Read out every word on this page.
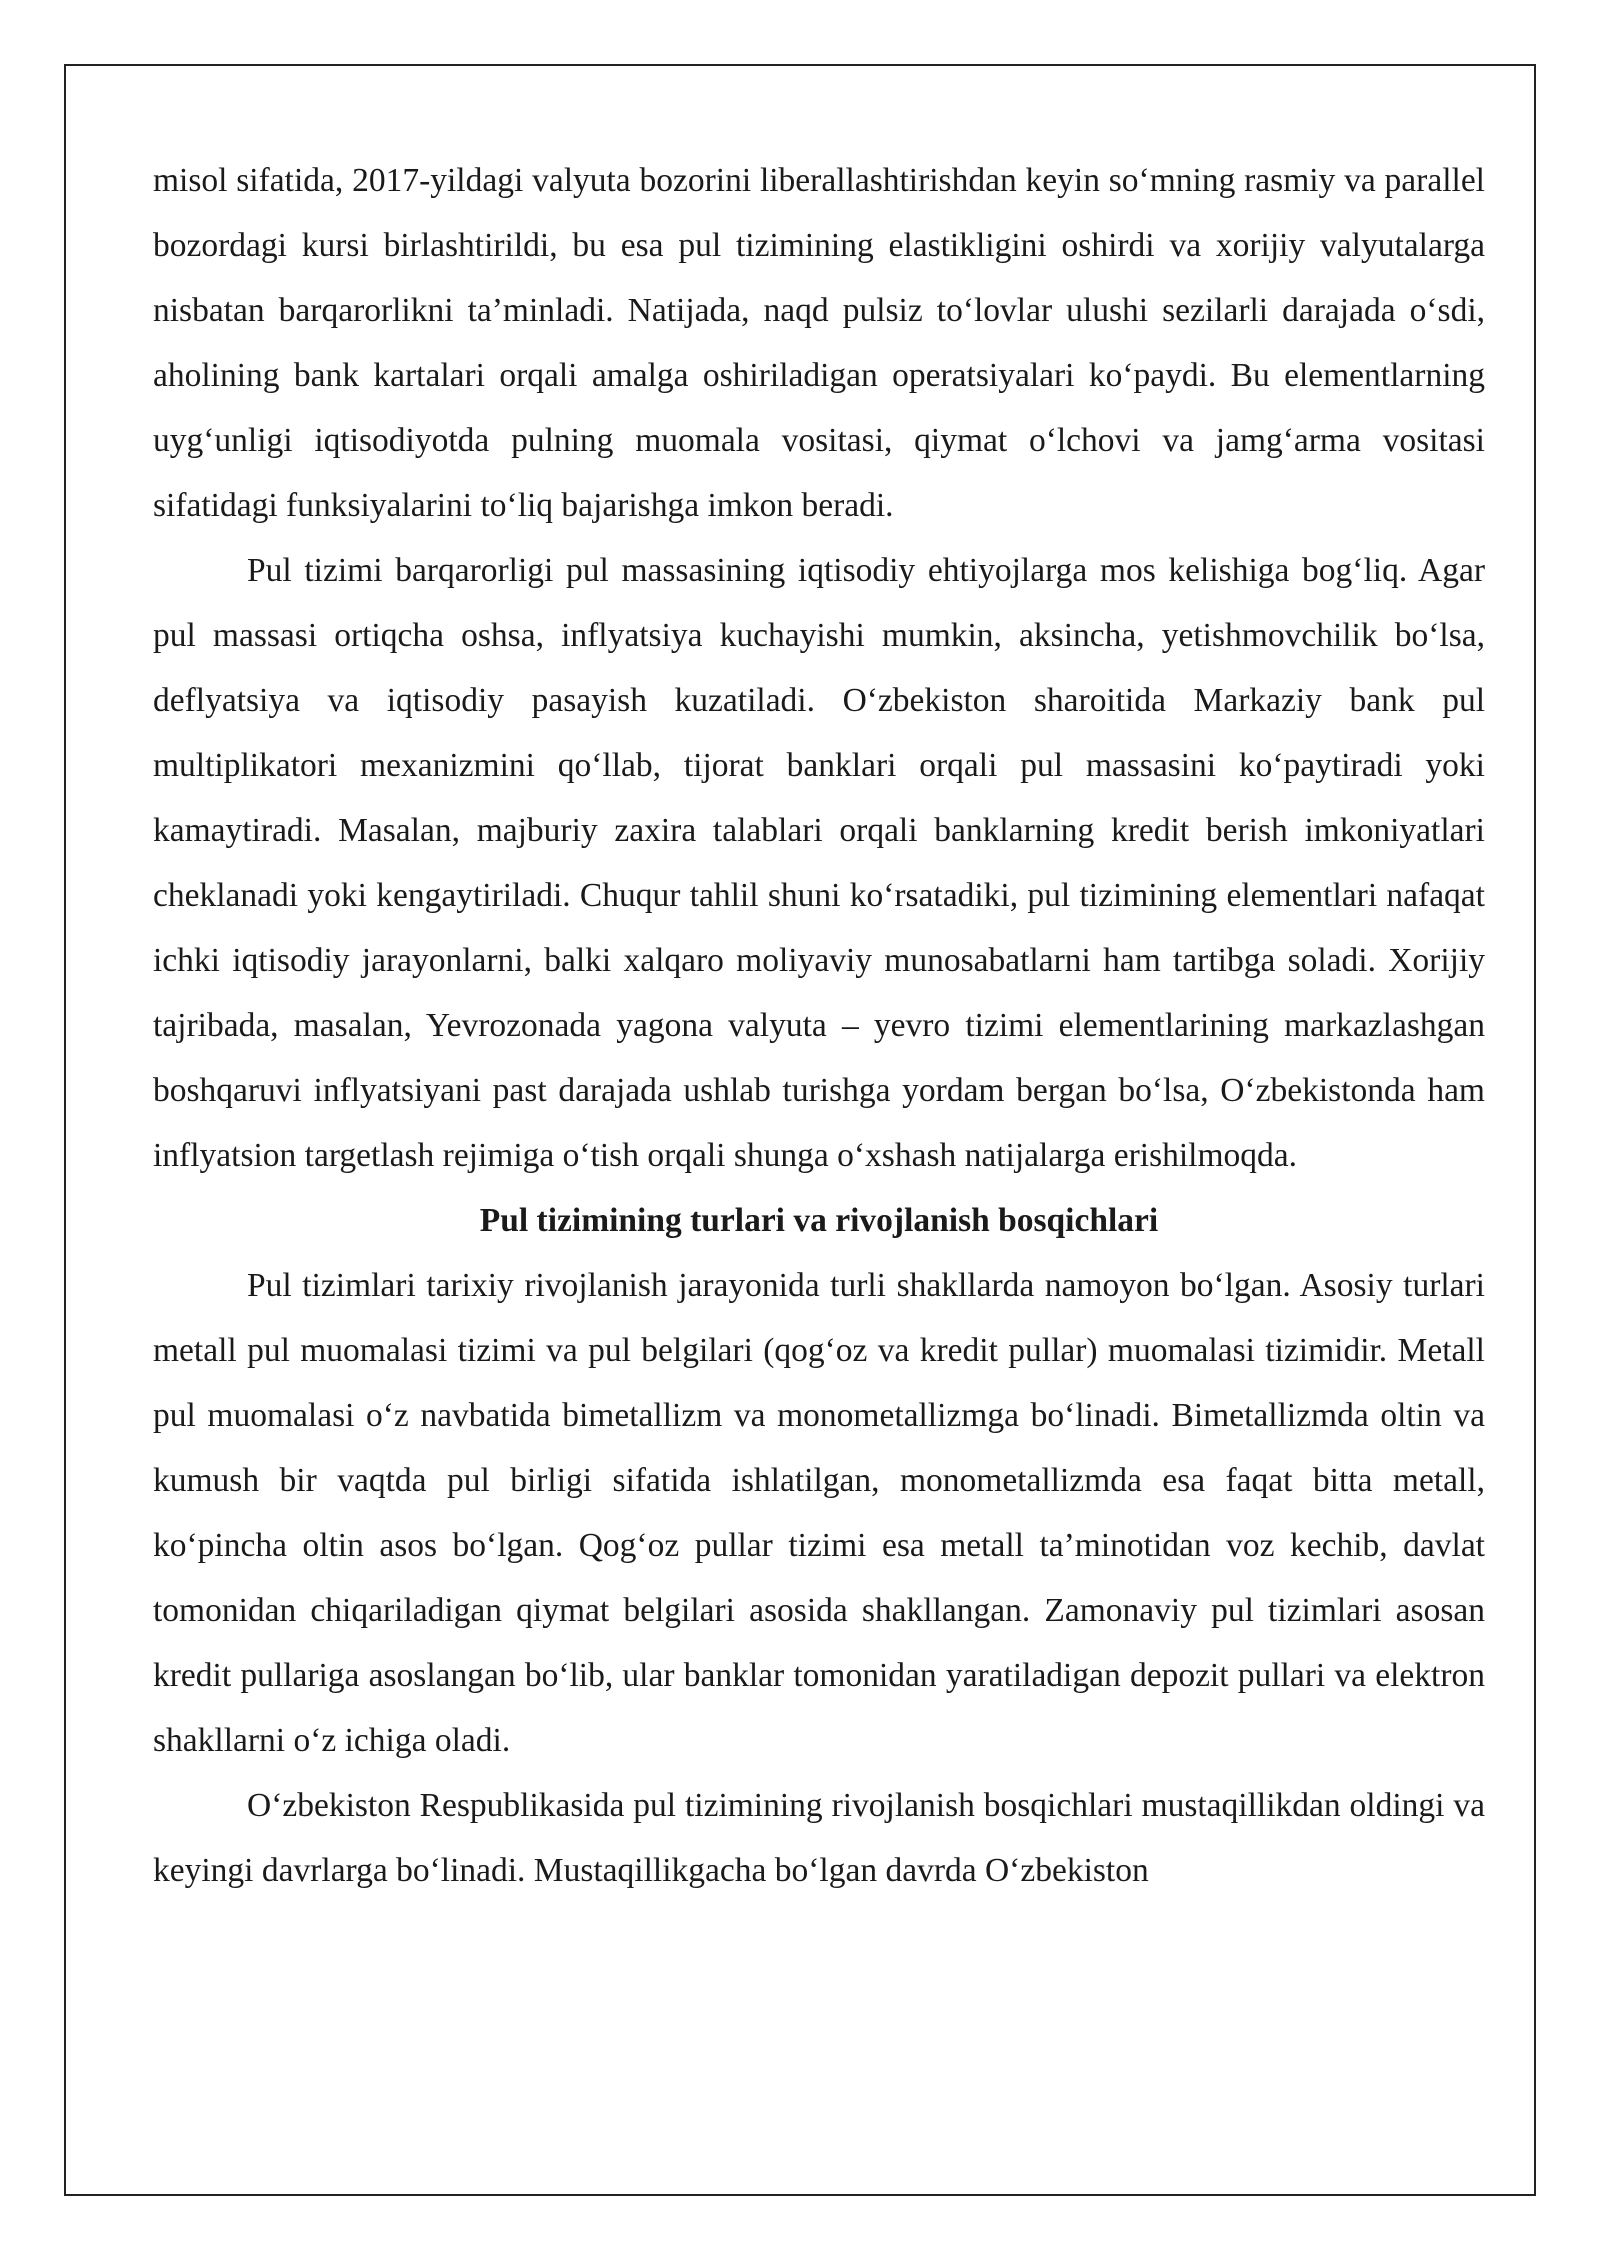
misol sifatida, 2017-yildagi valyuta bozorini liberallashtirishdan keyin so‘mning rasmiy va parallel bozordagi kursi birlashtirildi, bu esa pul tizimining elastikligini oshirdi va xorijiy valyutalarga nisbatan barqarorlikni ta’minladi. Natijada, naqd pulsiz to‘lovlar ulushi sezilarli darajada o‘sdi, aholining bank kartalari orqali amalga oshiriladigan operatsiyalari ko‘paydi. Bu elementlarning uyg‘unligi iqtisodiyotda pulning muomala vositasi, qiymat o‘lchovi va jamg‘arma vositasi sifatidagi funksiyalarini to‘liq bajarishga imkon beradi.

Pul tizimi barqarorligi pul massasining iqtisodiy ehtiyojlarga mos kelishiga bog‘liq. Agar pul massasi ortiqcha oshsa, inflyatsiya kuchayishi mumkin, aksincha, yetishmovchilik bo‘lsa, deflyatsiya va iqtisodiy pasayish kuzatiladi. O‘zbekiston sharoitida Markaziy bank pul multiplikatori mexanizmini qo‘llab, tijorat banklari orqali pul massasini ko‘paytiradi yoki kamaytiradi. Masalan, majburiy zaxira talablari orqali banklarning kredit berish imkoniyatlari cheklanadi yoki kengaytiriladi. Chuqur tahlil shuni ko‘rsatadiki, pul tizimining elementlari nafaqat ichki iqtisodiy jarayonlarni, balki xalqaro moliyaviy munosabatlarni ham tartibga soladi. Xorijiy tajribada, masalan, Yevrozonada yagona valyuta – yevro tizimi elementlarining markazlashgan boshqaruvi inflyatsiyani past darajada ushlab turishga yordam bergan bo‘lsa, O‘zbekistonda ham inflyatsion targetlash rejimiga o‘tish orqali shunga o‘xshash natijalarga erishilmoqda.

Pul tizimining turlari va rivojlanish bosqichlari

Pul tizimlari tarixiy rivojlanish jarayonida turli shakllarda namoyon bo‘lgan. Asosiy turlari metall pul muomalasi tizimi va pul belgilari (qog‘oz va kredit pullar) muomalasi tizimidir. Metall pul muomalasi o‘z navbatida bimetallizm va monometallizmga bo‘linadi. Bimetallizmda oltin va kumush bir vaqtda pul birligi sifatida ishlatilgan, monometallizmda esa faqat bitta metall, ko‘pincha oltin asos bo‘lgan. Qog‘oz pullar tizimi esa metall ta’minotidan voz kechib, davlat tomonidan chiqariladigan qiymat belgilari asosida shakllangan. Zamonaviy pul tizimlari asosan kredit pullariga asoslangan bo‘lib, ular banklar tomonidan yaratiladigan depozit pullari va elektron shakllarni o‘z ichiga oladi.

O‘zbekiston Respublikasida pul tizimining rivojlanish bosqichlari mustaqillikdan oldingi va keyingi davrlarga bo‘linadi. Mustaqillikgacha bo‘lgan davrda O‘zbekiston
